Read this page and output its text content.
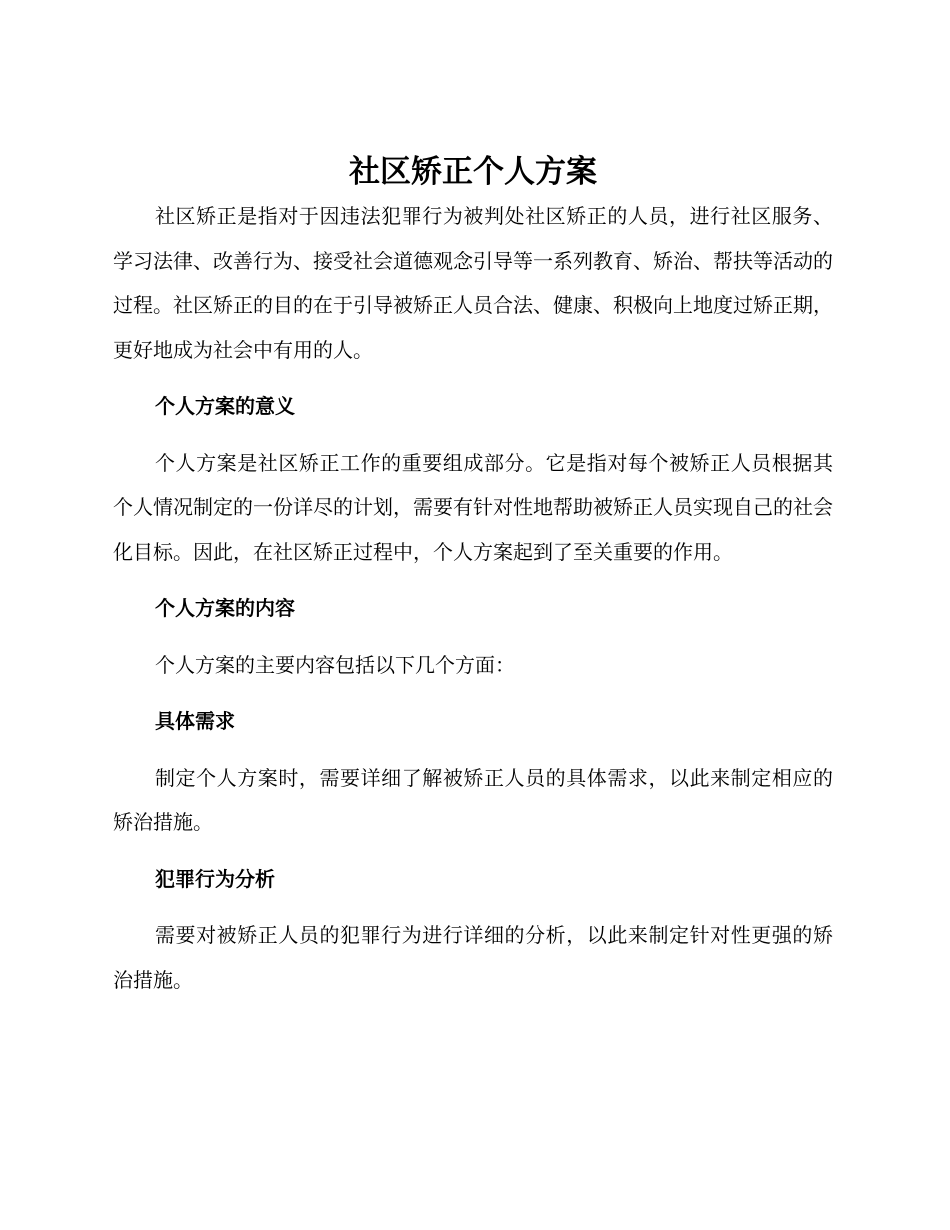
社区矫正个人方案

社区矫正是指对于因违法犯罪行为被判处社区矫正的人员，进行社区服务、学习法律、改善行为、接受社会道德观念引导等一系列教育、矫治、帮扶等活动的过程。社区矫正的目的在于引导被矫正人员合法、健康、积极向上地度过矫正期，更好地成为社会中有用的人。

个人方案的意义

个人方案是社区矫正工作的重要组成部分。它是指对每个被矫正人员根据其个人情况制定的一份详尽的计划，需要有针对性地帮助被矫正人员实现自己的社会化目标。因此，在社区矫正过程中，个人方案起到了至关重要的作用。

个人方案的内容

个人方案的主要内容包括以下几个方面：

具体需求

制定个人方案时，需要详细了解被矫正人员的具体需求，以此来制定相应的矫治措施。

犯罪行为分析

需要对被矫正人员的犯罪行为进行详细的分析，以此来制定针对性更强的矫治措施。
